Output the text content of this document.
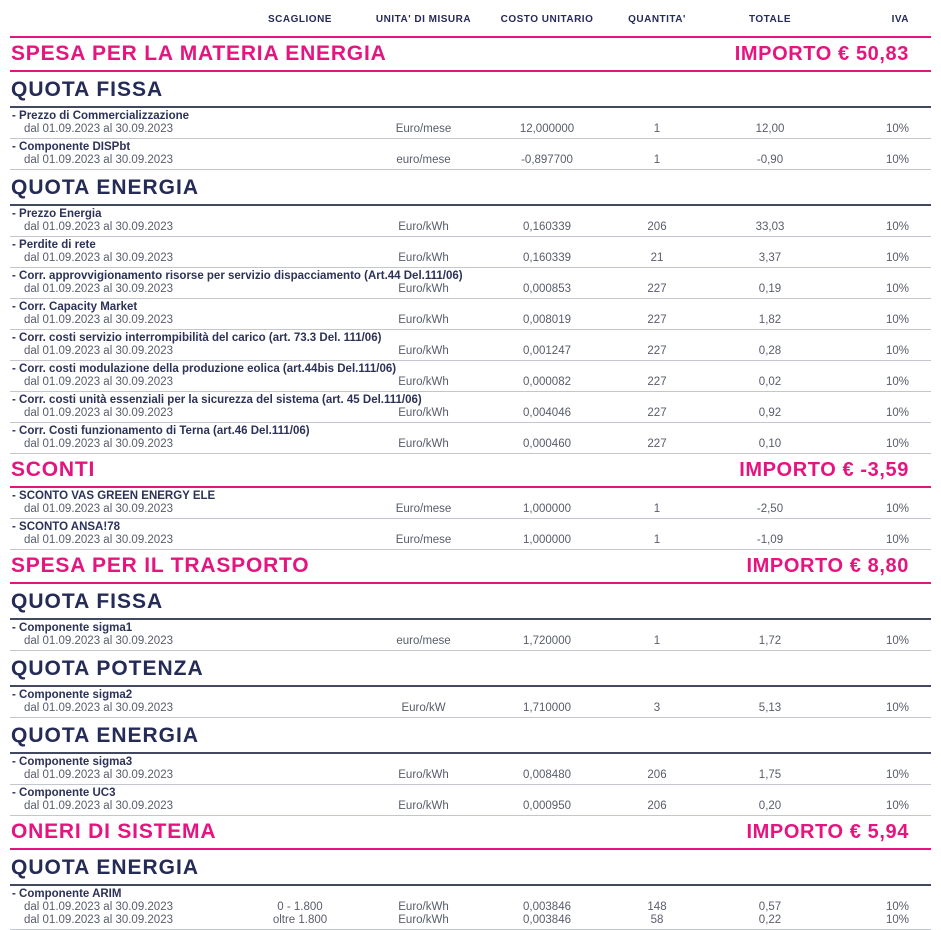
SCAGLIONE	UNITA' DI MISURA	COSTO UNITARIO	QUANTITA'	TOTALE	IVA
SPESA PER LA MATERIA ENERGIA	IMPORTO € 50,83
QUOTA FISSA
- Prezzo di Commercializzazione
dal 01.09.2023 al 30.09.2023	Euro/mese	12,000000	1	12,00	10%
- Componente DISPbt
dal 01.09.2023 al 30.09.2023	euro/mese	-0,897700	1	-0,90	10%
QUOTA ENERGIA
- Prezzo Energia
dal 01.09.2023 al 30.09.2023	Euro/kWh	0,160339	206	33,03	10%
- Perdite di rete
dal 01.09.2023 al 30.09.2023	Euro/kWh	0,160339	21	3,37	10%
- Corr. approvvigionamento risorse per servizio dispacciamento (Art.44 Del.111/06)
dal 01.09.2023 al 30.09.2023	Euro/kWh	0,000853	227	0,19	10%
- Corr. Capacity Market
dal 01.09.2023 al 30.09.2023	Euro/kWh	0,008019	227	1,82	10%
- Corr. costi servizio interrompibilità del carico (art. 73.3 Del. 111/06)
dal 01.09.2023 al 30.09.2023	Euro/kWh	0,001247	227	0,28	10%
- Corr. costi modulazione della produzione eolica (art.44bis Del.111/06)
dal 01.09.2023 al 30.09.2023	Euro/kWh	0,000082	227	0,02	10%
- Corr. costi unità essenziali per la sicurezza del sistema (art. 45 Del.111/06)
dal 01.09.2023 al 30.09.2023	Euro/kWh	0,004046	227	0,92	10%
- Corr. Costi funzionamento di Terna (art.46 Del.111/06)
dal 01.09.2023 al 30.09.2023	Euro/kWh	0,000460	227	0,10	10%
SCONTI	IMPORTO € -3,59
- SCONTO VAS GREEN ENERGY ELE
dal 01.09.2023 al 30.09.2023	Euro/mese	1,000000	1	-2,50	10%
- SCONTO ANSA!78
dal 01.09.2023 al 30.09.2023	Euro/mese	1,000000	1	-1,09	10%
SPESA PER IL TRASPORTO	IMPORTO € 8,80
QUOTA FISSA
- Componente sigma1
dal 01.09.2023 al 30.09.2023	euro/mese	1,720000	1	1,72	10%
QUOTA POTENZA
- Componente sigma2
dal 01.09.2023 al 30.09.2023	Euro/kW	1,710000	3	5,13	10%
QUOTA ENERGIA
- Componente sigma3
dal 01.09.2023 al 30.09.2023	Euro/kWh	0,008480	206	1,75	10%
- Componente UC3
dal 01.09.2023 al 30.09.2023	Euro/kWh	0,000950	206	0,20	10%
ONERI DI SISTEMA	IMPORTO € 5,94
QUOTA ENERGIA
- Componente ARIM
dal 01.09.2023 al 30.09.2023	0 - 1.800	Euro/kWh	0,003846	148	0,57	10%
dal 01.09.2023 al 30.09.2023	oltre 1.800	Euro/kWh	0,003846	58	0,22	10%
